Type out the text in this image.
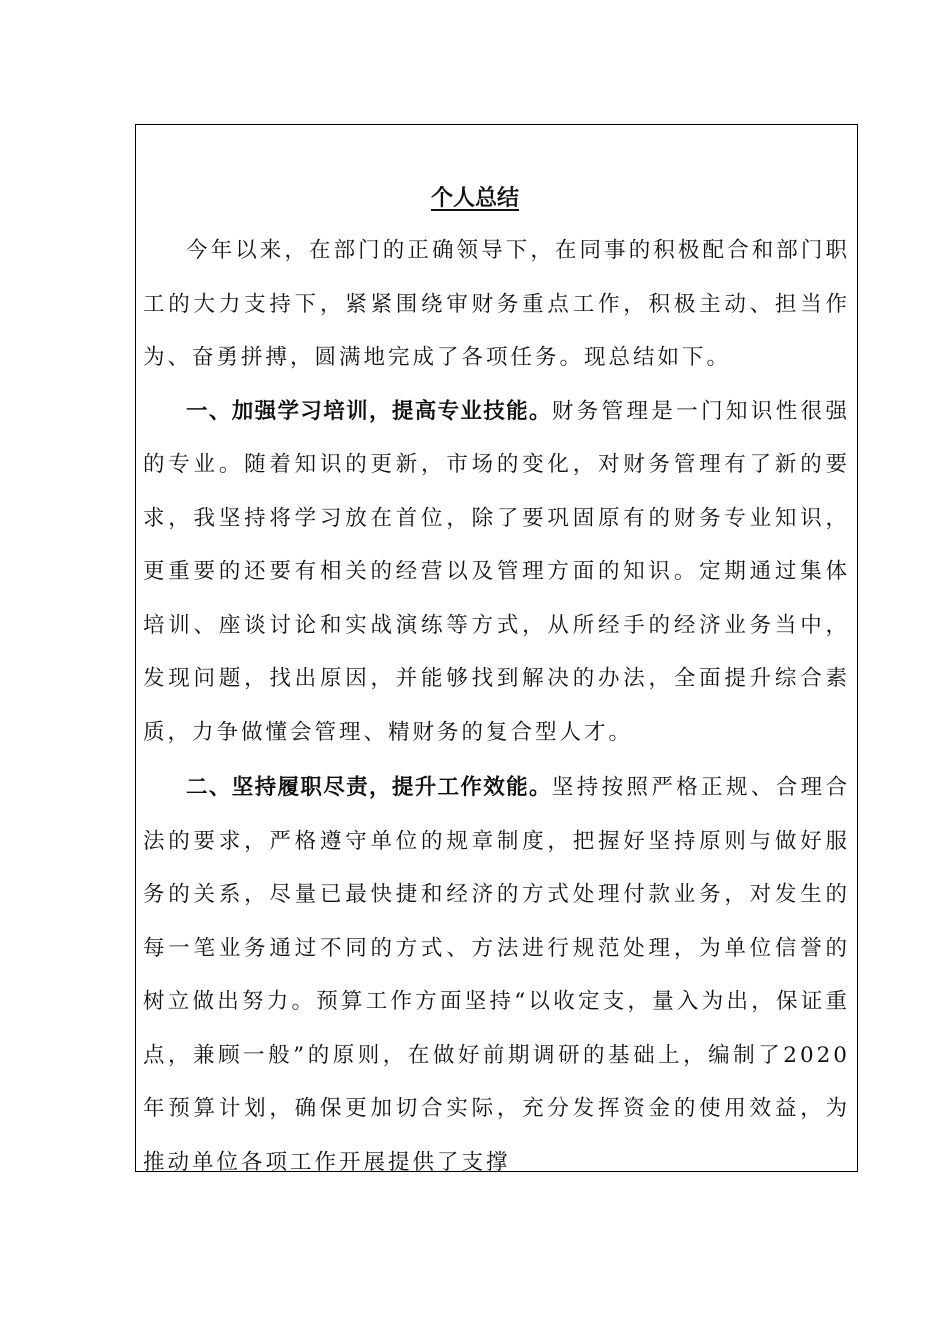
个人总结

今年以来，在部门的正确领导下，在同事的积极配合和部门职工的大力支持下，紧紧围绕审财务重点工作，积极主动、担当作为、奋勇拼搏，圆满地完成了各项任务。现总结如下。

一、加强学习培训，提高专业技能。财务管理是一门知识性很强的专业。随着知识的更新，市场的变化，对财务管理有了新的要求，我坚持将学习放在首位，除了要巩固原有的财务专业知识，更重要的还要有相关的经营以及管理方面的知识。定期通过集体培训、座谈讨论和实战演练等方式，从所经手的经济业务当中，发现问题，找出原因，并能够找到解决的办法，全面提升综合素质，力争做懂会管理、精财务的复合型人才。

二、坚持履职尽责，提升工作效能。坚持按照严格正规、合理合法的要求，严格遵守单位的规章制度，把握好坚持原则与做好服务的关系，尽量已最快捷和经济的方式处理付款业务，对发生的每一笔业务通过不同的方式、方法进行规范处理，为单位信誉的树立做出努力。预算工作方面坚持“以收定支，量入为出，保证重点，兼顾一般”的原则，在做好前期调研的基础上，编制了2020年预算计划，确保更加切合实际，充分发挥资金的使用效益，为推动单位各项工作开展提供了支撑
